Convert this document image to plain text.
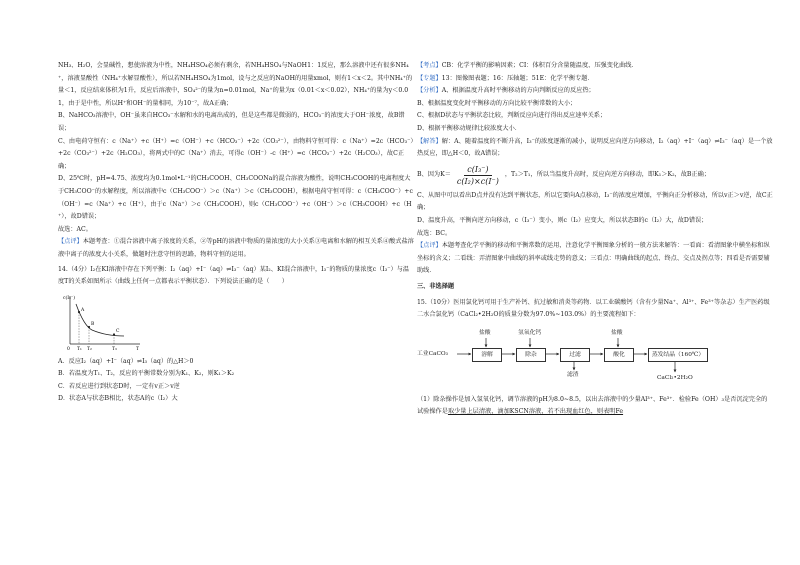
NH₃、H₂O，会显碱性，想使溶液为中性，NH₄HSO₄必须有剩余，若NH₄HSO₄与NaOH1：1反应，那么溶液中还有很多NH₄⁺，溶液显酸性（NH₄⁺水解显酸性），所以若NH₄HSO₄为1mol，设与之反应的NaOH的用量xmol，则有1＜x＜2。其中NH₄⁺的量＜1，反应结束体积为1升，反应后溶液中，SO₄²⁻的量为n=0.01mol，Na⁺的量为x（0.01＜x＜0.02），NH₄⁺的量为y＜0.01，由于是中性，所以H⁺和OH⁻的量相同，为10⁻⁷，故A正确；

B、NaHCO₃溶液中，OH⁻虽来自HCO₃⁻水解和水的电离出成的，但是这些都是微弱的，HCO₃⁻的浓度大于OH⁻浓度，故B错误；

C、由电荷守恒有：c（Na⁺）+c（H⁺）=c（OH⁻）+c（HCO₃⁻）+2c（CO₃²⁻），由物料守恒可得：c（Na⁺）=2c（HCO₃⁻）+2c（CO₃²⁻）+2c（H₂CO₃），将两式中的C（Na⁺）消去，可得c（OH⁻）-c（H⁺）=c（HCO₃⁻）+2c（H₂CO₃），故C正确；

D、25℃时，pH=4.75、浓度均为0.1mol•L⁻¹的CH₃COOH、CH₃COONa的混合溶液为酸性，说明CH₃COOH的电离程度大于CH₃COO⁻的水解程度，所以溶液中c（CH₃COO⁻）＞c（Na⁺）＞c（CH₃COOH），根据电荷守恒可得：c（CH₃COO⁻）+c（OH⁻）=c（Na⁺）+c（H⁺），由于c（Na⁺）＞c（CH₃COOH），则c（CH₃COO⁻）+c（OH⁻）＞c（CH₃COOH）+c（H⁺），故D错误；

故选：AC。

【点评】本题考查：①混合溶液中离子浓度的关系，②等pH的溶液中物质的量浓度的大小关系③电离和水解的相互关系④酸式盐溶液中离子的浓度大小关系，做题时注意守恒的思路，物料守恒的运用。

14.（4分）I₂在KI溶液中存在下列平衡：I₂（aq）+I⁻（aq）⇌I₃⁻（aq）某I₂、KI混合溶液中，I₃⁻的物质的量浓度c（I₃⁻）与温度T的关系如图所示（曲线上任何一点都表示平衡状态）．下列说法正确的是（　　）

c(I₃⁻)
A
B
C
0 T₁ T₂	T₃	T

A．反应I₂（aq）+I⁻（aq）⇌I₃（aq）的△H＞0

B．若温度为T₁、T₂，反应的平衡常数分别为K₁、K₂，则K₁＞K₂

C．若反应进行到状态D时，一定有v正＞v逆

D．状态A与状态B相比，状态A的c（I₂）大

【考点】CB：化学平衡的影响因素；CI：体积百分含量随温度、压强变化曲线．

【专题】13：图像图表题；16：压轴题；51E：化学平衡专题．

【分析】A、根据温度升高时平衡移动的方向判断反应的反应热；

B、根据温度变化时平衡移动的方向比较平衡常数的大小；

C、根据D状态与平衡状态比较，判断反应向进行得出反应速率关系；

D、根据平衡移动规律比较浓度大小．

【解答】解：A、随着温度的不断升高，I₃⁻的浓度逐渐的减小，说明反应向逆方向移动，I₂（aq）+I⁻（aq）⇌I₃⁻（aq）是一个放热反应，即△H＜0，故A错误；

B、因为$K= \frac{\text{c(I₃⁻)}}{\text{c(I₂)×c(I⁻)}}$ ，T₂＞T₁，所以当温度升高时，反应向逆方向移动，即K₁＞K₂，故B正确；

C、从图中可以看出D点并没有达到平衡状态，所以它要向A点移动，I₃⁻的浓度应增加，平衡向正分析移动，所以v正＞v逆，故C正确；

D、温度升高，平衡向逆方向移动，c（I₃⁻）变小，则c（I₂）应变大，所以状态B的c（I₂）大，故D错误；

故选：BC。

【点评】本题考查化学平衡的移动和平衡常数的运用，注意化学平衡图象分析的一般方法来解答：一看面：看清图象中横坐标和纵坐标的含义；二看线：弄清图象中曲线的斜率或线走势的意义；三看点：明确曲线的起点、终点、交点及拐点等；四看是否需要辅助线．

三、非选择题

15.（10分）医用氯化钙可用于生产补钙、抗过敏和消炎等药物．以工业碳酸钙（含有少量Na⁺、Al³⁺、Fe³⁺等杂志）生产医药级二水合氯化钙（CaCl₂•2H₂O的质量分数为97.0%~103.0%）的主要流程如下：

工业CaCO₃	溶解	除杂	过滤	酸化	蒸发结晶（160℃）
盐酸	氢氧化钙	盐酸
滤渣	CaCl₂•2H₂O

（1）除杂操作是加入氢氧化钙，调节溶液的pH为8.0~8.5，以出去溶液中的少量Al³⁺、Fe³⁺．检验Fe（OH）₃是否沉淀完全的试验操作是取少量上层清液，滴加KSCN溶液，若不出现血红色，则表明Fe
